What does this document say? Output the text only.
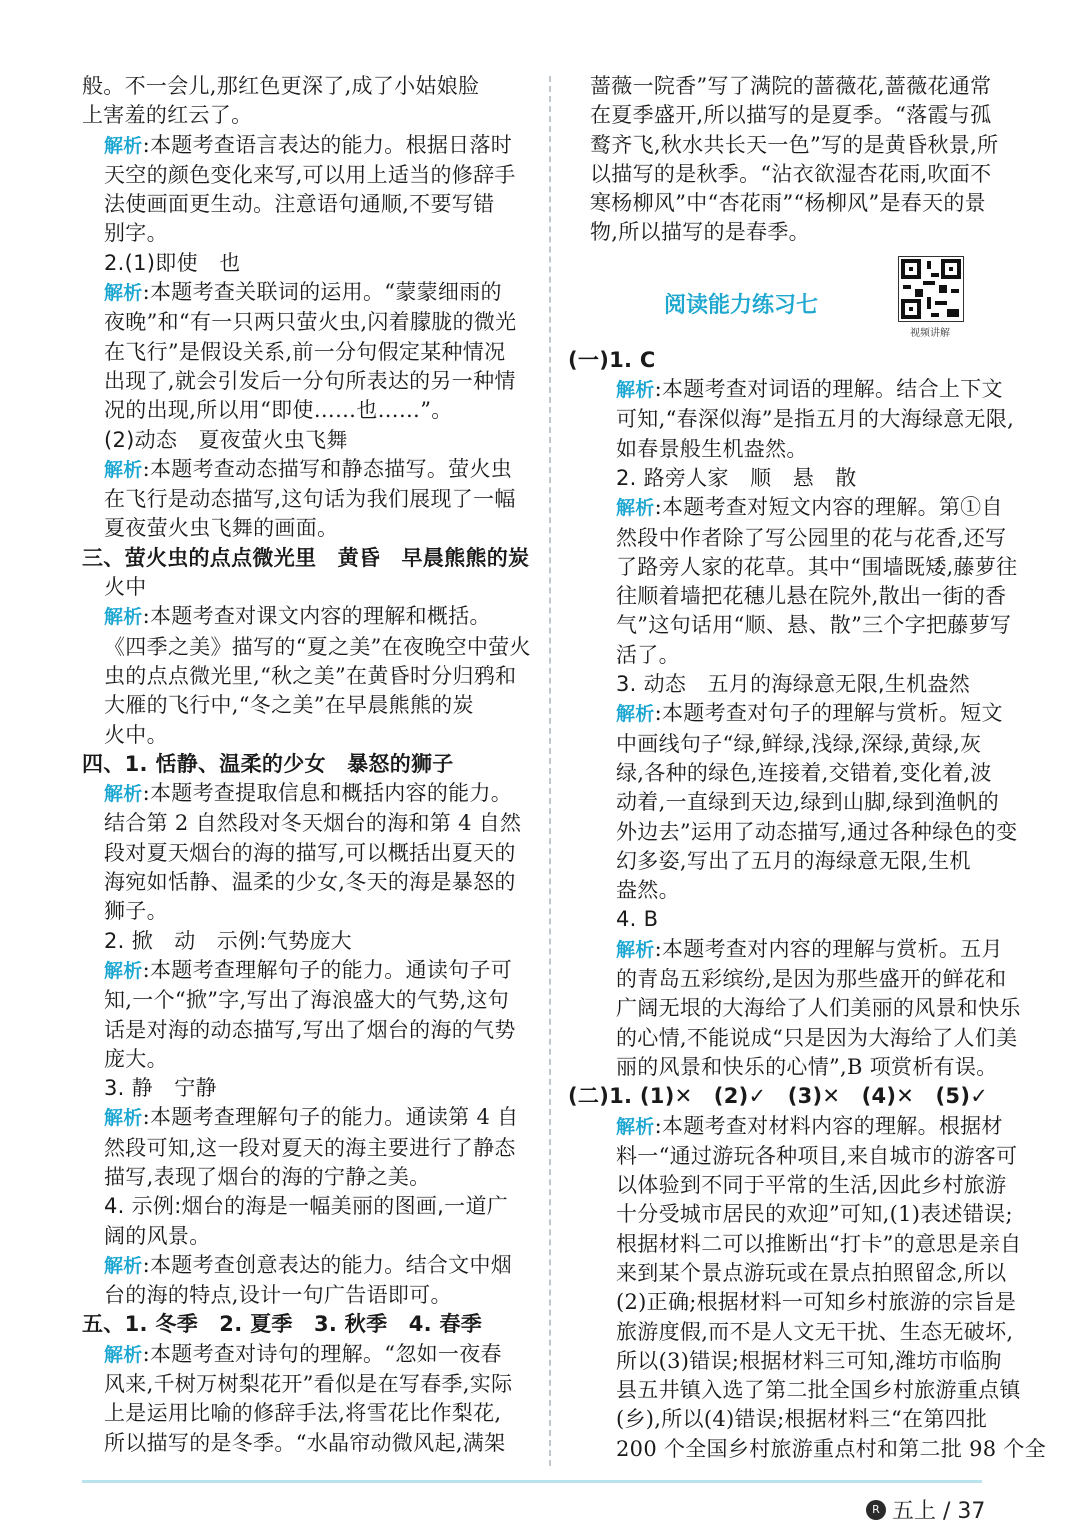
般。不一会儿,那红色更深了,成了小姑娘脸
上害羞的红云了。
解析:本题考查语言表达的能力。根据日落时
天空的颜色变化来写,可以用上适当的修辞手
法使画面更生动。注意语句通顺,不要写错
别字。
2.(1)即使　也
解析:本题考查关联词的运用。“蒙蒙细雨的
夜晚”和“有一只两只萤火虫,闪着朦胧的微光
在飞行”是假设关系,前一分句假定某种情况
出现了,就会引发后一分句所表达的另一种情
况的出现,所以用“即使……也……”。
(2)动态　夏夜萤火虫飞舞
解析:本题考查动态描写和静态描写。萤火虫
在飞行是动态描写,这句话为我们展现了一幅
夏夜萤火虫飞舞的画面。
三、萤火虫的点点微光里　黄昏　早晨熊熊的炭
火中
解析:本题考查对课文内容的理解和概括。
《四季之美》描写的“夏之美”在夜晚空中萤火
虫的点点微光里,“秋之美”在黄昏时分归鸦和
大雁的飞行中,“冬之美”在早晨熊熊的炭
火中。
四、1. 恬静、温柔的少女　暴怒的狮子
解析:本题考查提取信息和概括内容的能力。
结合第 2 自然段对冬天烟台的海和第 4 自然
段对夏天烟台的海的描写,可以概括出夏天的
海宛如恬静、温柔的少女,冬天的海是暴怒的
狮子。
2. 掀　动　示例:气势庞大
解析:本题考查理解句子的能力。通读句子可
知,一个“掀”字,写出了海浪盛大的气势,这句
话是对海的动态描写,写出了烟台的海的气势
庞大。
3. 静　宁静
解析:本题考查理解句子的能力。通读第 4 自
然段可知,这一段对夏天的海主要进行了静态
描写,表现了烟台的海的宁静之美。
4. 示例:烟台的海是一幅美丽的图画,一道广
阔的风景。
解析:本题考查创意表达的能力。结合文中烟
台的海的特点,设计一句广告语即可。
五、1. 冬季　2. 夏季　3. 秋季　4. 春季
解析:本题考查对诗句的理解。“忽如一夜春
风来,千树万树梨花开”看似是在写春季,实际
上是运用比喻的修辞手法,将雪花比作梨花,
所以描写的是冬季。“水晶帘动微风起,满架
蔷薇一院香”写了满院的蔷薇花,蔷薇花通常
在夏季盛开,所以描写的是夏季。“落霞与孤
鹜齐飞,秋水共长天一色”写的是黄昏秋景,所
以描写的是秋季。“沾衣欲湿杏花雨,吹面不
寒杨柳风”中“杏花雨”“杨柳风”是春天的景
物,所以描写的是春季。
阅读能力练习七
视频讲解
(一)1. C
解析:本题考查对词语的理解。结合上下文
可知,“春深似海”是指五月的大海绿意无限,
如春景般生机盎然。
2. 路旁人家　顺　悬　散
解析:本题考查对短文内容的理解。第①自
然段中作者除了写公园里的花与花香,还写
了路旁人家的花草。其中“围墙既矮,藤萝往
往顺着墙把花穗儿悬在院外,散出一街的香
气”这句话用“顺、悬、散”三个字把藤萝写
活了。
3. 动态　五月的海绿意无限,生机盎然
解析:本题考查对句子的理解与赏析。短文
中画线句子“绿,鲜绿,浅绿,深绿,黄绿,灰
绿,各种的绿色,连接着,交错着,变化着,波
动着,一直绿到天边,绿到山脚,绿到渔帆的
外边去”运用了动态描写,通过各种绿色的变
幻多姿,写出了五月的海绿意无限,生机
盎然。
4. B
解析:本题考查对内容的理解与赏析。五月
的青岛五彩缤纷,是因为那些盛开的鲜花和
广阔无垠的大海给了人们美丽的风景和快乐
的心情,不能说成“只是因为大海给了人们美
丽的风景和快乐的心情”,B 项赏析有误。
(二)1. (1)✕　(2)✓　(3)✕　(4)✕　(5)✓
解析:本题考查对材料内容的理解。根据材
料一“通过游玩各种项目,来自城市的游客可
以体验到不同于平常的生活,因此乡村旅游
十分受城市居民的欢迎”可知,(1)表述错误;
根据材料二可以推断出“打卡”的意思是亲自
来到某个景点游玩或在景点拍照留念,所以
(2)正确;根据材料一可知乡村旅游的宗旨是
旅游度假,而不是人文无干扰、生态无破坏,
所以(3)错误;根据材料三可知,潍坊市临朐
县五井镇入选了第二批全国乡村旅游重点镇
(乡),所以(4)错误;根据材料三“在第四批
200 个全国乡村旅游重点村和第二批 98 个全
R 五上 / 37
